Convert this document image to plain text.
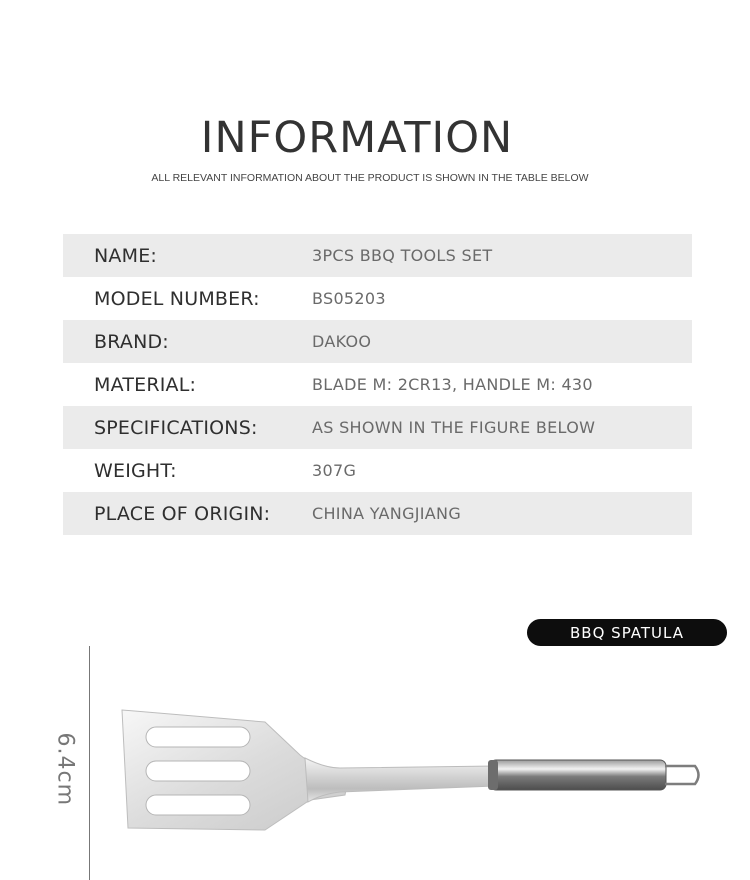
INFORMATION

ALL RELEVANT INFORMATION ABOUT THE PRODUCT IS SHOWN IN THE TABLE BELOW

NAME:	3PCS BBQ TOOLS SET
MODEL NUMBER:	BS05203
BRAND:	DAKOO
MATERIAL:	BLADE M: 2CR13, HANDLE M: 430
SPECIFICATIONS:	AS SHOWN IN THE FIGURE BELOW
WEIGHT:	307G
PLACE OF ORIGIN:	CHINA YANGJIANG
BBQ SPATULA
6.4cm
